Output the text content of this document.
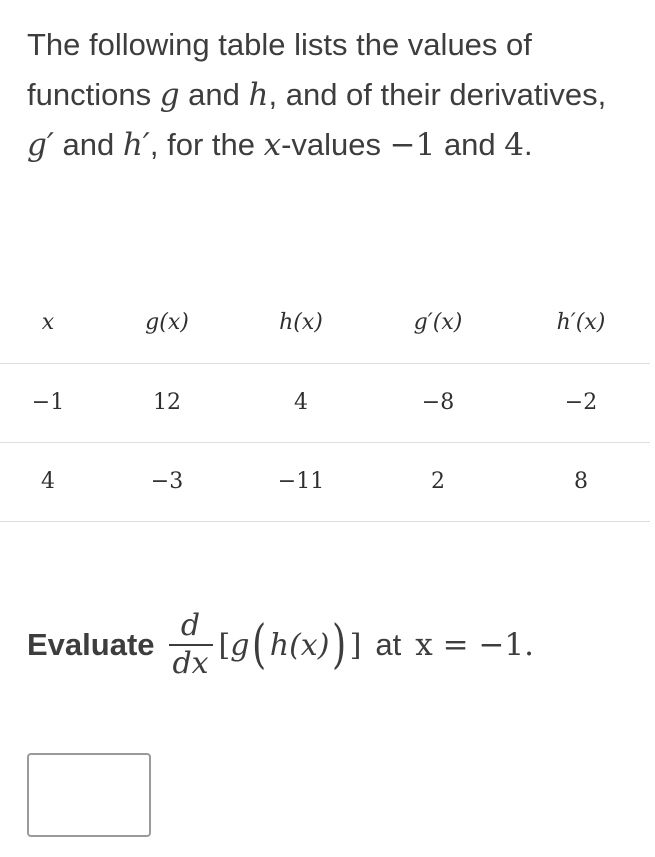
The following table lists the values of functions g and h, and of their derivatives, g′ and h′, for the x-values −1 and 4.
x	g(x)	h(x)	g′(x)	h′(x)
−1	12	4	−8	−2
4	−3	−11	2	8
Evaluate $\frac{d}{dx}$ [ g ( h(x) ) ] at x = −1.
